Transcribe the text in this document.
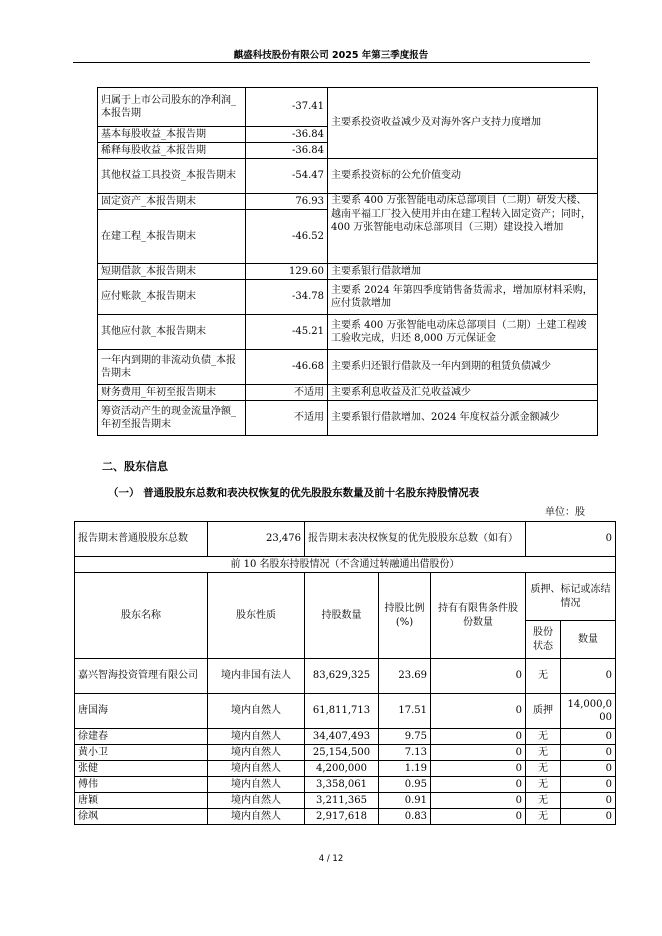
麒盛科技股份有限公司 2025 年第三季度报告
归属于上市公司股东的净利润_本报告期	-37.41	主要系投资收益减少及对海外客户支持力度增加
基本每股收益_本报告期	-36.84	
稀释每股收益_本报告期	-36.84	
其他权益工具投资_本报告期末	-54.47	主要系投资标的公允价值变动
固定资产_本报告期末	76.93	主要系 400 万张智能电动床总部项目（二期）研发大楼、越南平福工厂投入使用并由在建工程转入固定资产；同时，400 万张智能电动床总部项目（三期）建设投入增加
在建工程_本报告期末	-46.52	
短期借款_本报告期末	129.60	主要系银行借款增加
应付账款_本报告期末	-34.78	主要系 2024 年第四季度销售备货需求，增加原材料采购，应付货款增加
其他应付款_本报告期末	-45.21	主要系 400 万张智能电动床总部项目（二期）土建工程竣工验收完成，归还 8,000 万元保证金
一年内到期的非流动负债_本报告期末	-46.68	主要系归还银行借款及一年内到期的租赁负债减少
财务费用_年初至报告期末	不适用	主要系利息收益及汇兑收益减少
筹资活动产生的现金流量净额_年初至报告期末	不适用	主要系银行借款增加、2024 年度权益分派金额减少
二、股东信息
（一） 普通股股东总数和表决权恢复的优先股股东数量及前十名股东持股情况表
单位：股
报告期末普通股股东总数	23,476	报告期末表决权恢复的优先股股东总数（如有）			0	
前 10 名股东持股情况（不含通过转融通出借股份）						
股东名称	股东性质	持股数量	持股比例(%)	持有有限售条件股份数量	质押、标记或冻结情况	
					股份状态	数量
嘉兴智海投资管理有限公司	境内非国有法人	83,629,325	23.69	0	无	0
唐国海	境内自然人	61,811,713	17.51	0	质押	14,000,000
徐建春	境内自然人	34,407,493	9.75	0	无	0
黄小卫	境内自然人	25,154,500	7.13	0	无	0
张健	境内自然人	4,200,000	1.19	0	无	0
傅伟	境内自然人	3,358,061	0.95	0	无	0
唐颖	境内自然人	3,211,365	0.91	0	无	0
徐飒	境内自然人	2,917,618	0.83	0	无	0
4 / 12
